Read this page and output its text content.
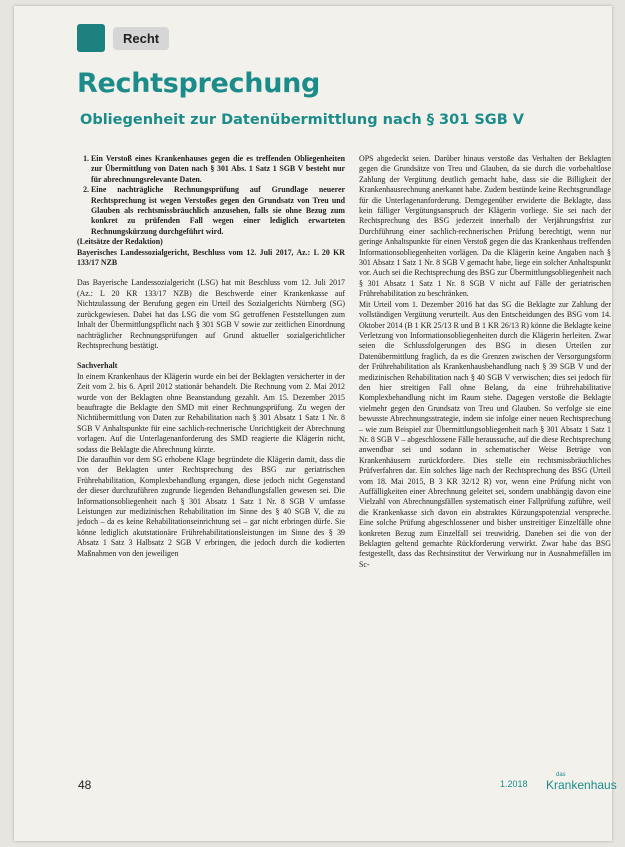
Recht
Rechtsprechung
Obliegenheit zur Datenübermittlung nach § 301 SGB V
1. Ein Verstoß eines Krankenhauses gegen die es treffenden Obliegenheiten zur Übermittlung von Daten nach § 301 Abs. 1 Satz 1 SGB V besteht nur für abrechnungsrelevante Daten.
2. Eine nachträgliche Rechnungsprüfung auf Grundlage neuerer Rechtsprechung ist wegen Verstoßes gegen den Grundsatz von Treu und Glauben als rechtsmissbräuchlich anzusehen, falls sie ohne Bezug zum konkret zu prüfenden Fall wegen einer lediglich erwarteten Rechnungskürzung durchgeführt wird.

(Leitsätze der Redaktion)

Bayerisches Landessozialgericht, Beschluss vom 12. Juli 2017, Az.: L 20 KR 133/17 NZB

Das Bayerische Landessozialgericht (LSG) hat mit Beschluss vom 12. Juli 2017 (Az.: L 20 KR 133/17 NZB) die Beschwerde einer Krankenkasse auf Nichtzulassung der Berufung gegen ein Urteil des Sozialgerichts Nürnberg (SG) zurückgewiesen. Dabei hat das LSG die vom SG getroffenen Feststellungen zum Inhalt der Übermittlungspflicht nach § 301 SGB V sowie zur zeitlichen Einordnung nachträglicher Rechnungsprüfungen auf Grund aktueller sozialgerichtlicher Rechtsprechung bestätigt.

Sachverhalt

In einem Krankenhaus der Klägerin wurde ein bei der Beklagten versicherter in der Zeit vom 2. bis 6. April 2012 stationär behandelt. Die Rechnung vom 2. Mai 2012 wurde von der Beklagten ohne Beanstandung gezahlt. Am 15. Dezember 2015 beauftragte die Beklagte den SMD mit einer Rechnungsprüfung. Zu wegen der Nichtübermittlung von Daten zur Rehabilitation nach § 301 Absatz 1 Satz 1 Nr. 8 SGB V Anhaltspunkte für eine sachlich-rechnerische Unrichtigkeit der Abrechnung vorlagen. Auf die Unterlagenanforderung des SMD reagierte die Klägerin nicht, sodass die Beklagte die Abrechnung kürzte.

Die daraufhin vor dem SG erhobene Klage begründete die Klägerin damit, dass die von der Beklagten unter Rechtsprechung des BSG zur geriatrischen Frührehabilitation, Komplexbehandlung ergangen, diese jedoch nicht Gegenstand der dieser durchzuführen zugrunde liegenden Behandlungsfallen gewesen sei. Die Informationsobliegenheit nach § 301 Absatz 1 Satz 1 Nr. 8 SGB V umfasse Leistungen zur medizinischen Rehabilitation im Sinne des § 40 SGB V, die zu jedoch – da es keine Rehabilitationseinrichtung sei – gar nicht erbringen dürfe. Sie könne lediglich akutstationäre Frührehabilitationsleistungen im Sinne des § 39 Absatz 1 Satz 3 Halbsatz 2 SGB V erbringen, die jedoch durch die kodierten Maßnahmen von den jeweiligen

OPS abgedeckt seien. Darüber hinaus verstoße das Verhalten der Beklagten gegen die Grundsätze von Treu und Glauben, da sie durch die vorbehaltlose Zahlung der Vergütung deutlich gemacht habe, dass sie die Billigkeit der Krankenhausrechnung anerkannt habe. Zudem bestünde keine Rechtsgrundlage für die Unterlagenanforderung. Demgegenüber erwiderte die Beklagte, dass kein fälliger Vergütungsanspruch der Klägerin vorliege. Sie sei nach der Rechtsprechung des BSG jederzeit innerhalb der Verjährungsfrist zur Durchführung einer sachlich-rechnerischen Prüfung berechtigt, wenn nur geringe Anhaltspunkte für einen Verstoß gegen die das Krankenhaus treffenden Informationsobliegenheiten vorlägen. Da die Klägerin keine Angaben nach § 301 Absatz 1 Satz 1 Nr. 8 SGB V gemacht habe, liege ein solcher Anhaltspunkt vor. Auch sei die Rechtsprechung des BSG zur Übermittlungsobliegenheit nach § 301 Absatz 1 Satz 1 Nr. 8 SGB V nicht auf Fälle der geriatrischen Frührehabilitation zu beschränken.

Mit Urteil vom 1. Dezember 2016 hat das SG die Beklagte zur Zahlung der vollständigen Vergütung verurteilt. Aus den Entscheidungen des BSG vom 14. Oktober 2014 (B 1 KR 25/13 R und B 1 KR 26/13 R) könne die Beklagte keine Verletzung von Informationsobliegenheiten durch die Klägerin herleiten. Zwar seien die Schlussfolgerungen des BSG in diesen Urteilen zur Datenübermittlung fraglich, da es die Grenzen zwischen der Versorgungsform der Frührehabilitation als Krankenhausbehandlung nach § 39 SGB V und der medizinischen Rehabilitation nach § 40 SGB V verwischen; dies sei jedoch für den hier streitigen Fall ohne Belang, da eine frührehabilitative Komplexbehandlung nicht im Raum stehe. Dagegen verstoße die Beklagte vielmehr gegen den Grundsatz von Treu und Glauben. So verfolge sie eine bewusste Abrechnungsstrategie, indem sie infolge einer neuen Rechtsprechung – wie zum Beispiel zur Übermittlungsobliegenheit nach § 301 Absatz 1 Satz 1 Nr. 8 SGB V – abgeschlossene Fälle heraussuche, auf die diese Rechtsprechung anwendbar sei und sodann in schematischer Weise Beträge von Krankenhäusern zurückfordere. Dies stelle ein rechtsmissbräuchliches Prüfverfahren dar. Ein solches läge nach der Rechtsprechung des BSG (Urteil vom 18. Mai 2015, B 3 KR 32/12 R) vor, wenn eine Prüfung nicht von Auffälligkeiten einer Abrechnung geleitet sei, sondern unabhängig davon eine Vielzahl von Abrechnungsfällen systematisch einer Fallprüfung zuführe, weil die Krankenkasse sich davon ein abstraktes Kürzungspotenzial verspreche. Eine solche Prüfung abgeschlossener und bisher unstreitiger Einzelfälle ohne konkreten Bezug zum Einzelfall sei treuwidrig. Daneben sei die von der Beklagten geltend gemachte Rückforderung verwirkt. Zwar habe das BSG festgestellt, dass das Rechtsinstitut der Verwirkung nur in Ausnahmefällen im Sc-

48	1.2018
das
Krankenhaus
